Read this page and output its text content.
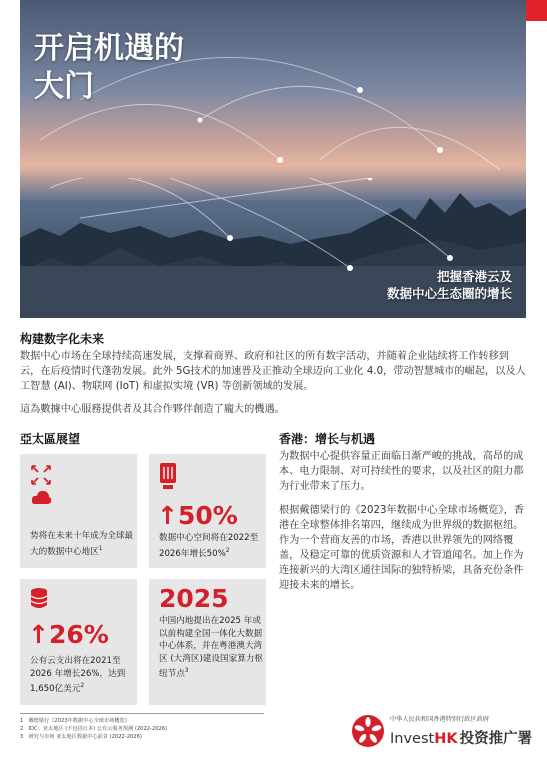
开启机遇的
大门
把握香港云及
数据中心生态圈的增长
构建数字化未来
数据中心市场在全球持续高速发展，支撑着商界、政府和社区的所有数字活动，并随着企业陆续将工作转移到云，在后疫情时代蓬勃发展。此外 5G技术的加速普及正推动全球迈向工业化 4.0，带动智慧城市的崛起，以及人工智慧 (AI)、物联网 (IoT) 和虚拟实境 (VR) 等创新领域的发展。
這為數據中心服務提供者及其合作夥伴創造了龐大的機遇。
亞太區展望
势将在未来十年成为全球最大的数据中心地区$^1$
↑50%
数据中心空间将在2022至2026年增长50%$^2$
↑26%
公有云支出将在2021至2026 年增长26%，达到1,650亿美元$^2$
2025
中国内地提出在2025 年或以前构建全国一体化大数据中心体系，并在粤港澳大湾区 (大湾区)建设国家算力枢纽节点$^3$
香港：增长与机遇
为数据中心提供容量正面临日渐严峻的挑战，高昂的成本、电力限制、对可持续性的要求，以及社区的阻力都为行业带来了压力。
根据戴德梁行的《2023年数据中心全球市场概览》，香港在全球整体排名第四，继续成为世界级的数据枢纽。作为一个营商友善的市场，香港以世界领先的网络覆盖，及稳定可靠的优质资源和人才管道闻名。加上作为连接新兴的大湾区通往国际的独特桥梁，具备充份条件迎接未来的增长。
1　戴德梁行《2023年数据中心全球市场概览》
2　IDC：亚太地区 (不包括日本) 公有云服务预测 (2022-2026)
3　研究与市场 亚太地区数据中心前景 (2022-2026)
中华人民共和国香港特别行政区政府
InvestHK 投资推广署
